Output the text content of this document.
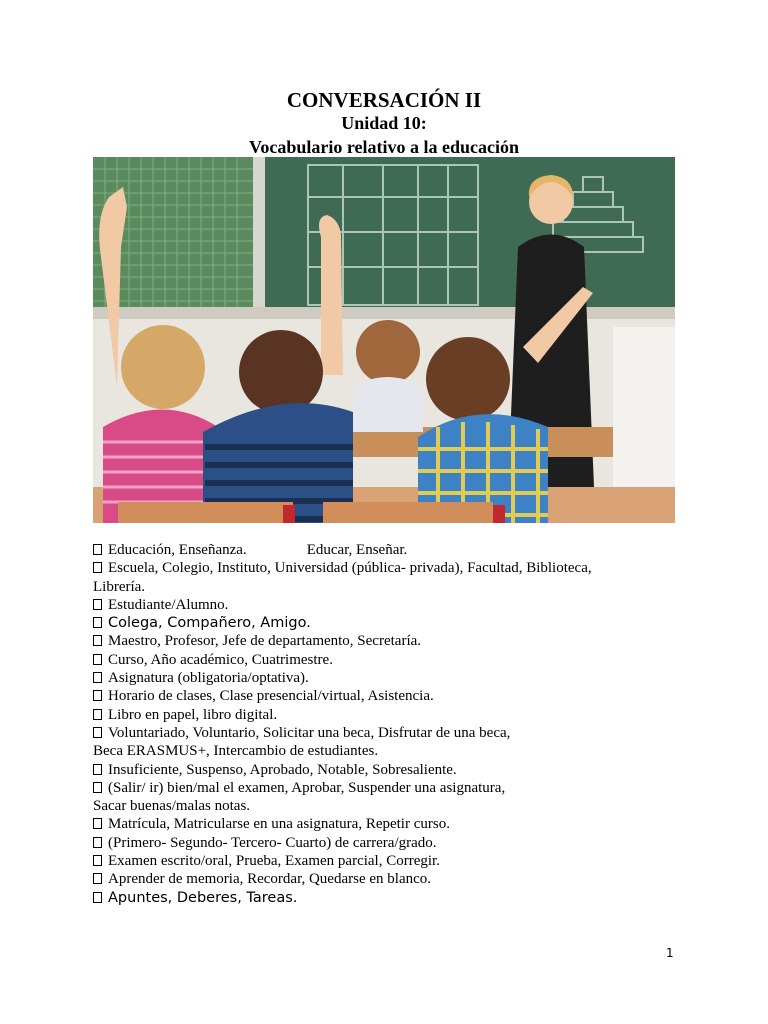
CONVERSACIÓN II
Unidad 10:
Vocabulario relativo a la educación
Educación, Enseñanza.	Educar, Enseñar.
Escuela, Colegio, Instituto, Universidad (pública- privada), Facultad, Biblioteca,
Librería.
Estudiante/Alumno.
Colega, Compañero, Amigo.
Maestro, Profesor, Jefe de departamento, Secretaría.
Curso, Año académico, Cuatrimestre.
Asignatura (obligatoria/optativa).
Horario de clases, Clase presencial/virtual, Asistencia.
Libro en papel, libro digital.
Voluntariado, Voluntario, Solicitar una beca, Disfrutar de una beca,
Beca ERASMUS+, Intercambio de estudiantes.
Insuficiente, Suspenso, Aprobado, Notable, Sobresaliente.
(Salir/ ir) bien/mal el examen, Aprobar, Suspender una asignatura,
Sacar buenas/malas notas.
Matrícula, Matricularse en una asignatura, Repetir curso.
(Primero- Segundo- Tercero- Cuarto) de carrera/grado.
Examen escrito/oral, Prueba, Examen parcial, Corregir.
Aprender de memoria, Recordar, Quedarse en blanco.
Apuntes, Deberes, Tareas.
1
